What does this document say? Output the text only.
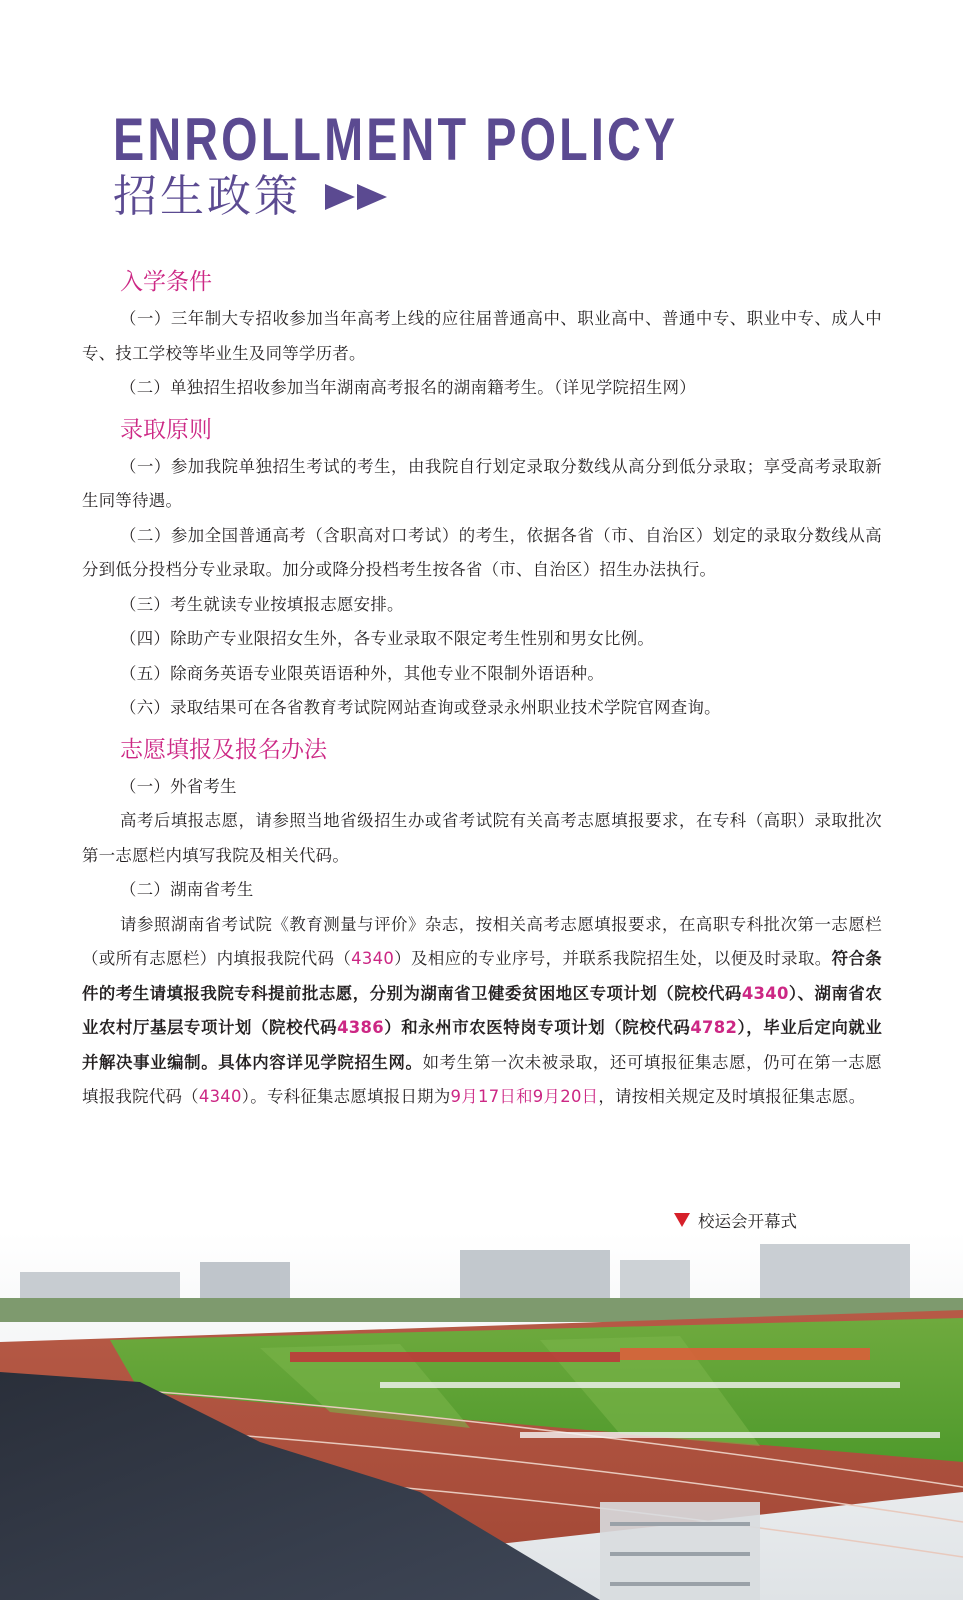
ENROLLMENT POLICY
招生政策
入学条件

（一）三年制大专招收参加当年高考上线的应往届普通高中、职业高中、普通中专、职业中专、成人中专、技工学校等毕业生及同等学历者。

（二）单独招生招收参加当年湖南高考报名的湖南籍考生。（详见学院招生网）

录取原则

（一）参加我院单独招生考试的考生，由我院自行划定录取分数线从高分到低分录取；享受高考录取新生同等待遇。

（二）参加全国普通高考（含职高对口考试）的考生，依据各省（市、自治区）划定的录取分数线从高分到低分投档分专业录取。加分或降分投档考生按各省（市、自治区）招生办法执行。

（三）考生就读专业按填报志愿安排。

（四）除助产专业限招女生外，各专业录取不限定考生性别和男女比例。

（五）除商务英语专业限英语语种外，其他专业不限制外语语种。

（六）录取结果可在各省教育考试院网站查询或登录永州职业技术学院官网查询。

志愿填报及报名办法

（一）外省考生

高考后填报志愿，请参照当地省级招生办或省考试院有关高考志愿填报要求，在专科（高职）录取批次第一志愿栏内填写我院及相关代码。

（二）湖南省考生

请参照湖南省考试院《教育测量与评价》杂志，按相关高考志愿填报要求，在高职专科批次第一志愿栏（或所有志愿栏）内填报我院代码（4340）及相应的专业序号，并联系我院招生处，以便及时录取。符合条件的考生请填报我院专科提前批志愿，分别为湖南省卫健委贫困地区专项计划（院校代码4340）、湖南省农业农村厅基层专项计划（院校代码4386）和永州市农医特岗专项计划（院校代码4782），毕业后定向就业并解决事业编制。具体内容详见学院招生网。如考生第一次未被录取，还可填报征集志愿，仍可在第一志愿填报我院代码（4340）。专科征集志愿填报日期为9月17日和9月20日，请按相关规定及时填报征集志愿。

校运会开幕式
